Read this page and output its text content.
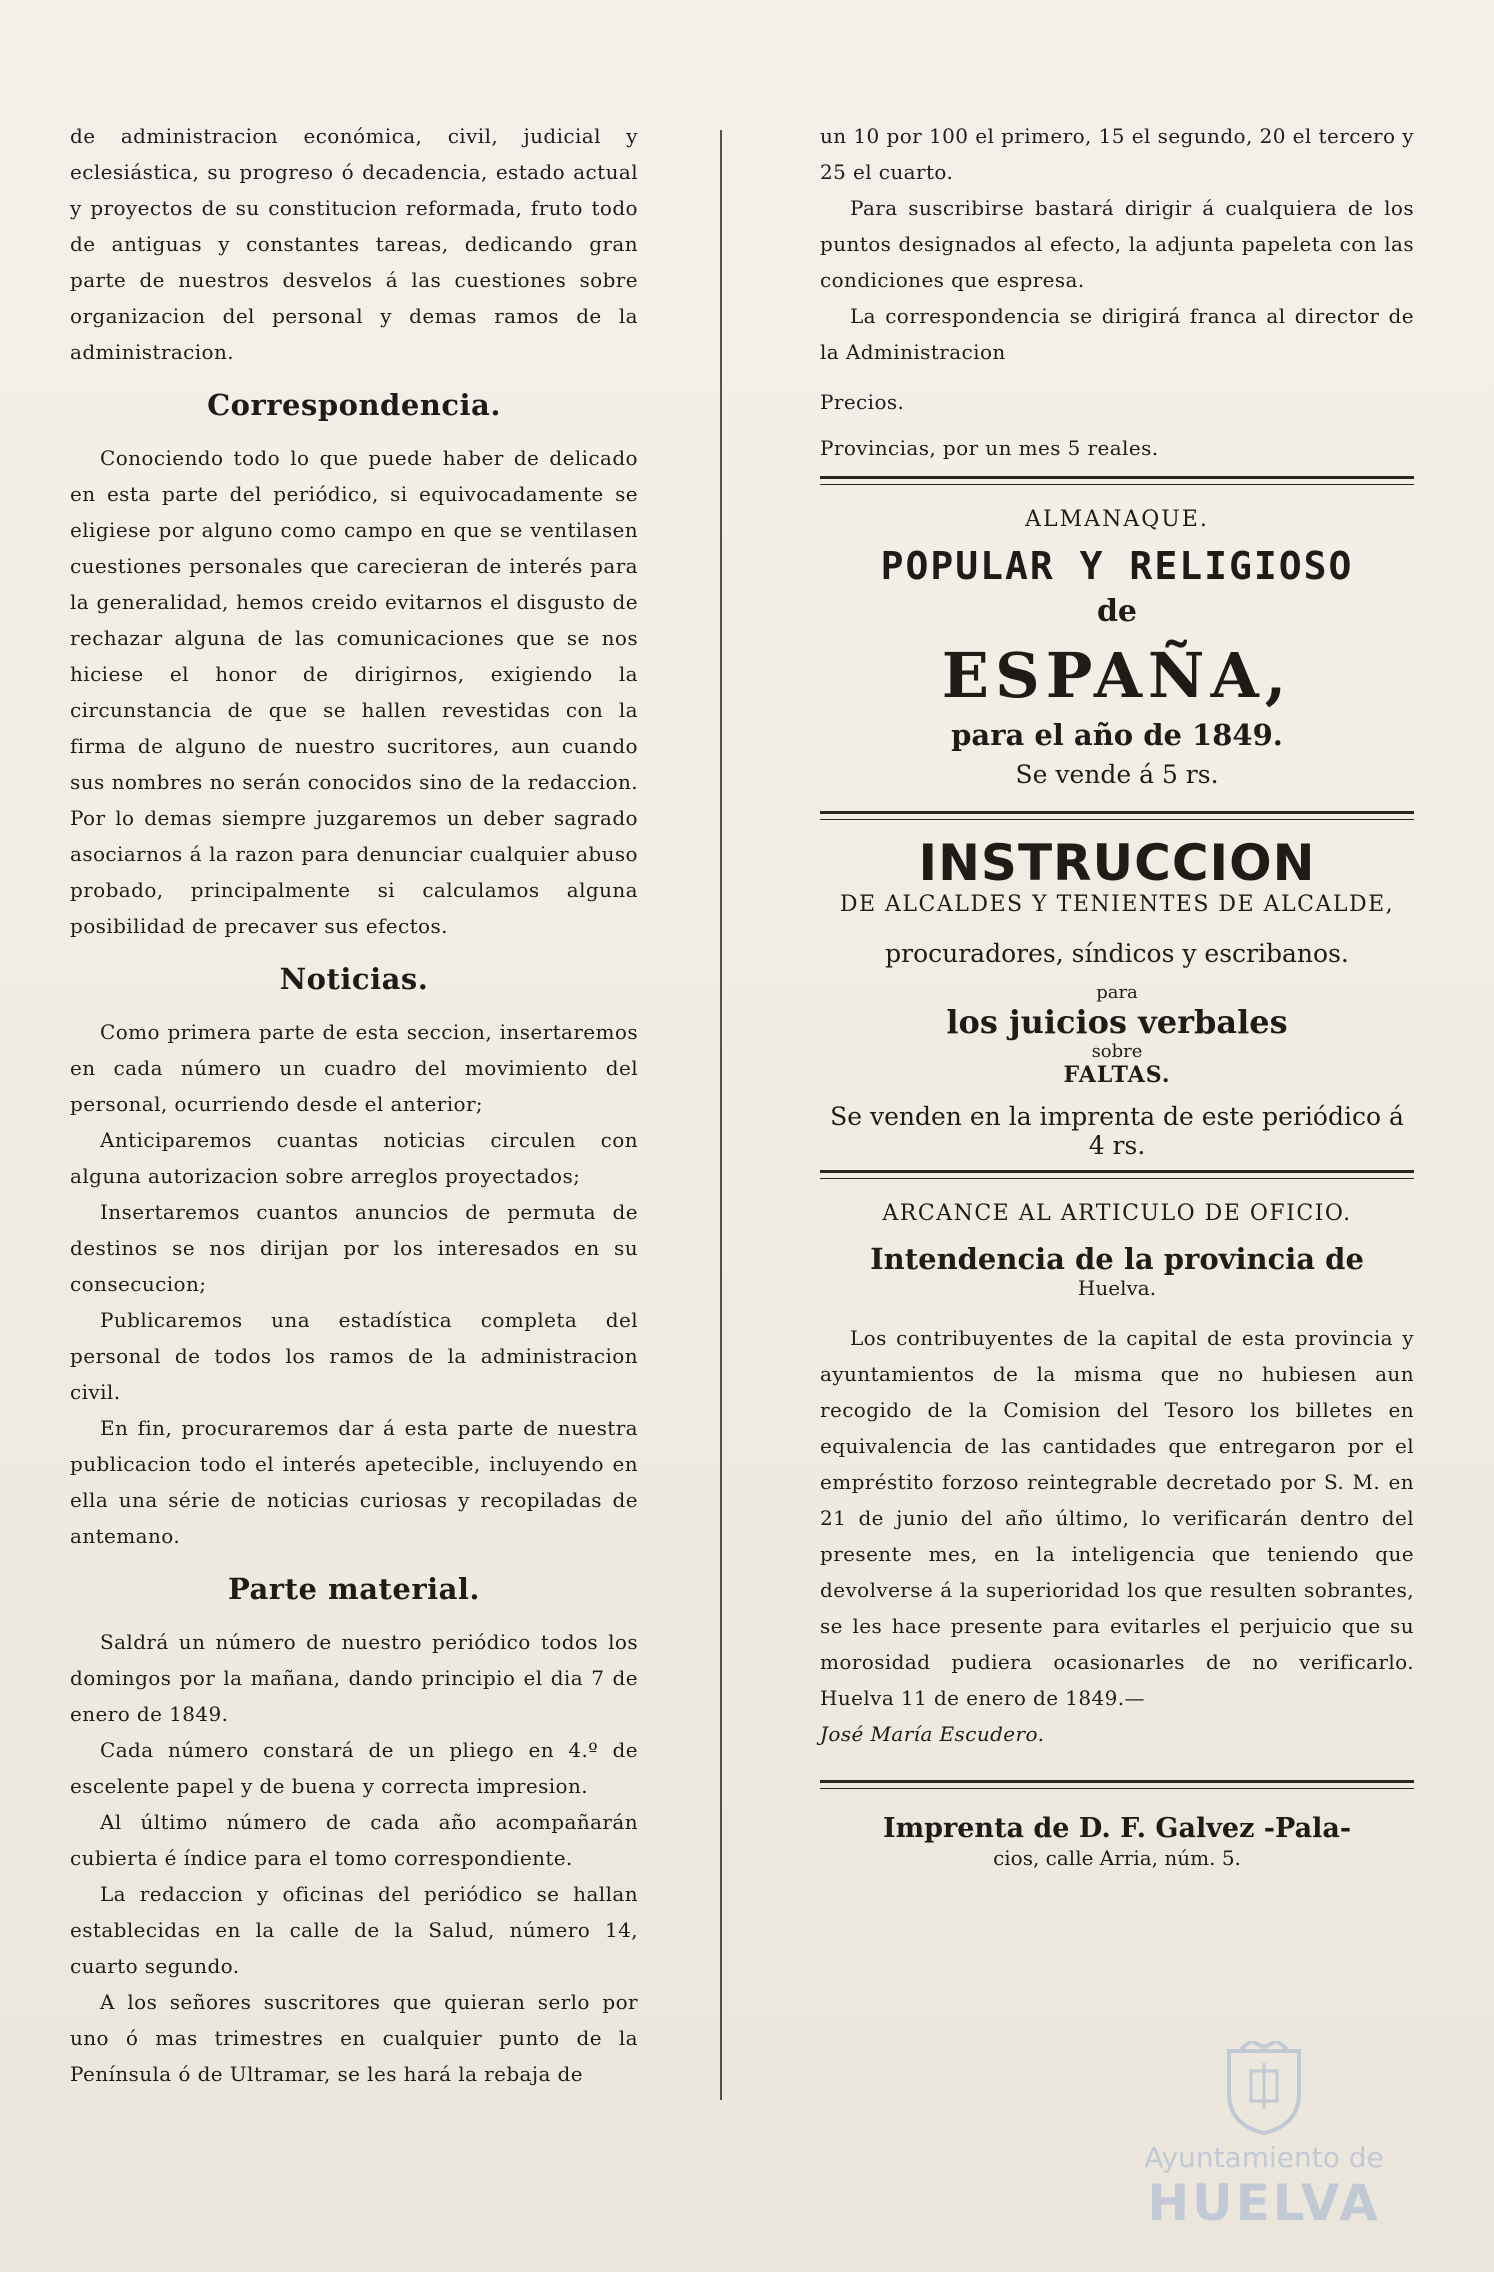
de administracion económica, civil, judicial y eclesiástica, su progreso ó decadencia, estado actual y proyectos de su constitucion reformada, fruto todo de antiguas y constantes tareas, dedicando gran parte de nuestros desvelos á las cuestiones sobre organizacion del personal y demas ramos de la administracion.

Correspondencia.

Conociendo todo lo que puede haber de delicado en esta parte del periódico, si equivocadamente se eligiese por alguno como campo en que se ventilasen cuestiones personales que carecieran de interés para la generalidad, hemos creido evitarnos el disgusto de rechazar alguna de las comunicaciones que se nos hiciese el honor de dirigirnos, exigiendo la circunstancia de que se hallen revestidas con la firma de alguno de nuestro sucritores, aun cuando sus nombres no serán conocidos sino de la redaccion. Por lo demas siempre juzgaremos un deber sagrado asociarnos á la razon para denunciar cualquier abuso probado, principalmente si calculamos alguna posibilidad de precaver sus efectos.

Noticias.

Como primera parte de esta seccion, insertaremos en cada número un cuadro del movimiento del personal, ocurriendo desde el anterior;

Anticiparemos cuantas noticias circulen con alguna autorizacion sobre arreglos proyectados;

Insertaremos cuantos anuncios de permuta de destinos se nos dirijan por los interesados en su consecucion;

Publicaremos una estadística completa del personal de todos los ramos de la administracion civil.

En fin, procuraremos dar á esta parte de nuestra publicacion todo el interés apetecible, incluyendo en ella una série de noticias curiosas y recopiladas de antemano.

Parte material.

Saldrá un número de nuestro periódico todos los domingos por la mañana, dando principio el dia 7 de enero de 1849.

Cada número constará de un pliego en 4.º de escelente papel y de buena y correcta impresion.

Al último número de cada año acompañarán cubierta é índice para el tomo correspondiente.

La redaccion y oficinas del periódico se hallan establecidas en la calle de la Salud, número 14, cuarto segundo.

A los señores suscritores que quieran serlo por uno ó mas trimestres en cualquier punto de la Península ó de Ultramar, se les hará la rebaja de

un 10 por 100 el primero, 15 el segundo, 20 el tercero y 25 el cuarto.

Para suscribirse bastará dirigir á cualquiera de los puntos designados al efecto, la adjunta papeleta con las condiciones que espresa.

La correspondencia se dirigirá franca al director de la Administracion

Precios.

Provincias, por un mes 5 reales.

ALMANAQUE.
POPULAR Y RELIGIOSO
de
ESPAÑA,
para el año de 1849.
Se vende á 5 rs.
INSTRUCCION
DE ALCALDES Y TENIENTES DE ALCALDE,
procuradores, síndicos y escribanos.
para
los juicios verbales
sobre
FALTAS.
Se venden en la imprenta de este periódico á 4 rs.
ARCANCE AL ARTICULO DE OFICIO.
Intendencia de la provincia de
Huelva.

Los contribuyentes de la capital de esta provincia y ayuntamientos de la misma que no hubiesen aun recogido de la Comision del Tesoro los billetes en equivalencia de las cantidades que entregaron por el empréstito forzoso reintegrable decretado por S. M. en 21 de junio del año último, lo verificarán dentro del presente mes, en la inteligencia que teniendo que devolverse á la superioridad los que resulten sobrantes, se les hace presente para evitarles el perjuicio que su morosidad pudiera ocasionarles de no verificarlo. Huelva 11 de enero de 1849.—

José María Escudero.

Imprenta de D. F. Galvez -Pala-
cios, calle Arria, núm. 5.
Ayuntamiento de
HUELVA
